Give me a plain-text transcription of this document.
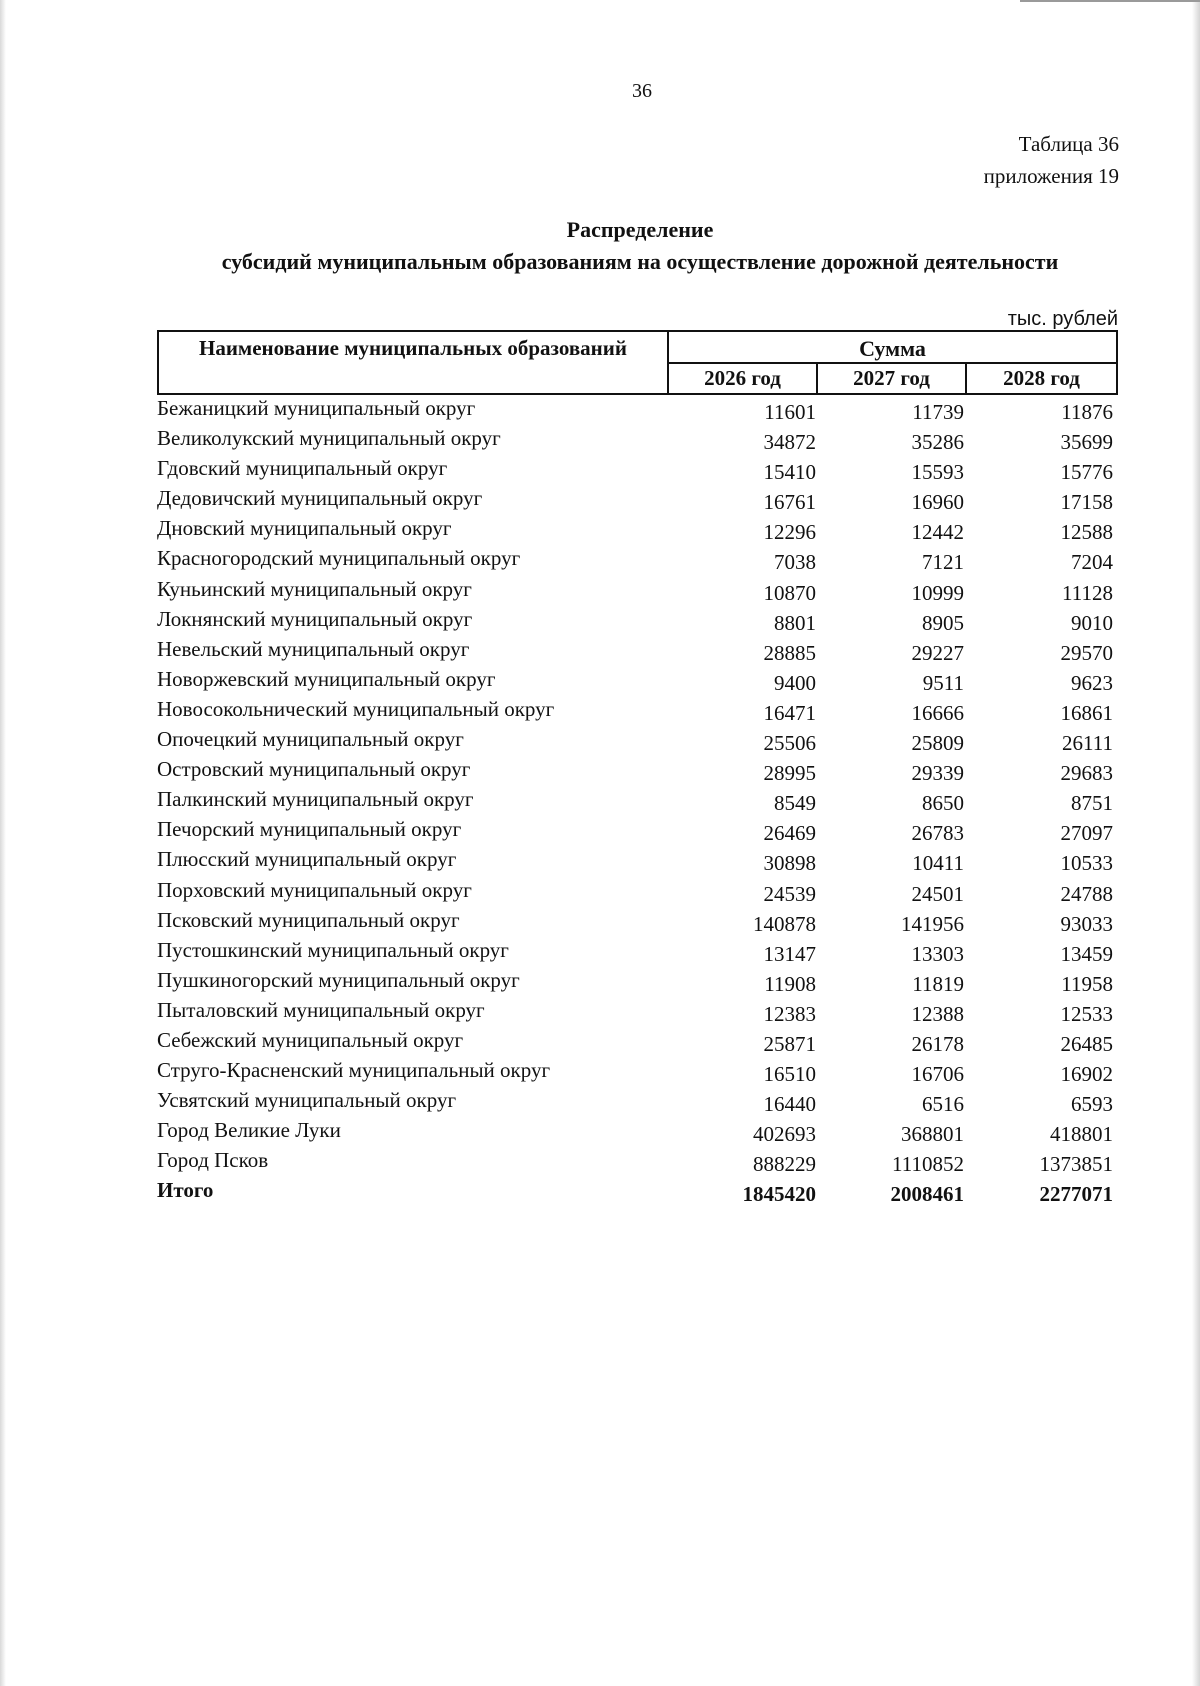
36
Таблица 36
приложения 19
Распределение
субсидий муниципальным образованиям на осуществление дорожной деятельности
тыс. рублей
Наименование муниципальных образований	Сумма
2026 год	2027 год	2028 год
Бежаницкий муниципальный округ	11601	11739	11876
Великолукский муниципальный округ	34872	35286	35699
Гдовский муниципальный округ	15410	15593	15776
Дедовичский муниципальный округ	16761	16960	17158
Дновский муниципальный округ	12296	12442	12588
Красногородский муниципальный округ	7038	7121	7204
Куньинский муниципальный округ	10870	10999	11128
Локнянский муниципальный округ	8801	8905	9010
Невельский муниципальный округ	28885	29227	29570
Новоржевский муниципальный округ	9400	9511	9623
Новосокольнический муниципальный округ	16471	16666	16861
Опочецкий муниципальный округ	25506	25809	26111
Островский муниципальный округ	28995	29339	29683
Палкинский муниципальный округ	8549	8650	8751
Печорский муниципальный округ	26469	26783	27097
Плюсский муниципальный округ	30898	10411	10533
Порховский муниципальный округ	24539	24501	24788
Псковский муниципальный округ	140878	141956	93033
Пустошкинский муниципальный округ	13147	13303	13459
Пушкиногорский муниципальный округ	11908	11819	11958
Пыталовский муниципальный округ	12383	12388	12533
Себежский муниципальный округ	25871	26178	26485
Струго-Красненский муниципальный округ	16510	16706	16902
Усвятский муниципальный округ	16440	6516	6593
Город Великие Луки	402693	368801	418801
Город Псков	888229	1110852	1373851
Итого	1845420	2008461	2277071
